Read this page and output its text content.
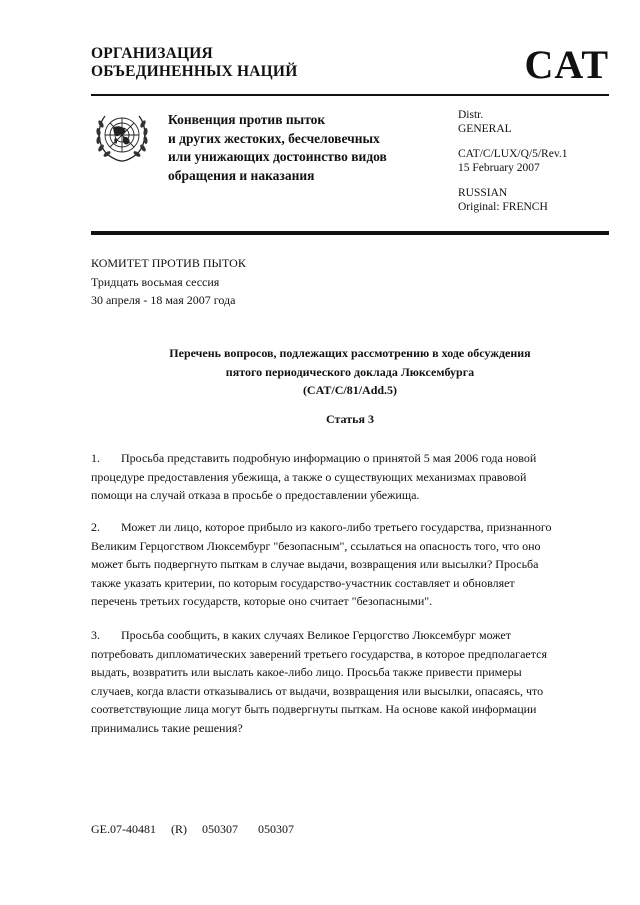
ОРГАНИЗАЦИЯ
ОБЪЕДИНЕННЫХ НАЦИЙ	CAT
Конвенция против пыток
и других жестоких, бесчеловечных
или унижающих достоинство видов
обращения и наказания
Distr.
GENERAL
CAT/C/LUX/Q/5/Rev.1
15 February 2007
RUSSIAN
Original: FRENCH
КОМИТЕТ ПРОТИВ ПЫТОК
Тридцать восьмая сессия
30 апреля - 18 мая 2007 года
Перечень вопросов, подлежащих рассмотрению в ходе обсуждения
пятого периодического доклада Люксембурга
(CAT/C/81/Add.5)
Статья 3
1. Просьба представить подробную информацию о принятой 5 мая 2006 года новой
процедуре предоставления убежища, а также о существующих механизмах правовой
помощи на случай отказа в просьбе о предоставлении убежища.
2. Может ли лицо, которое прибыло из какого-либо третьего государства, признанного
Великим Герцогством Люксембург "безопасным", ссылаться на опасность того, что оно
может быть подвергнуто пыткам в случае выдачи, возвращения или высылки? Просьба
также указать критерии, по которым государство-участник составляет и обновляет
перечень третьих государств, которые оно считает "безопасными".
3. Просьба сообщить, в каких случаях Великое Герцогство Люксембург может
потребовать дипломатических заверений третьего государства, в которое предполагается
выдать, возвратить или выслать какое-либо лицо. Просьба также привести примеры
случаев, когда власти отказывались от выдачи, возвращения или высылки, опасаясь, что
соответствующие лица могут быть подвергнуты пыткам. На основе какой информации
принимались такие решения?
GE.07-40481 (R) 050307 050307
